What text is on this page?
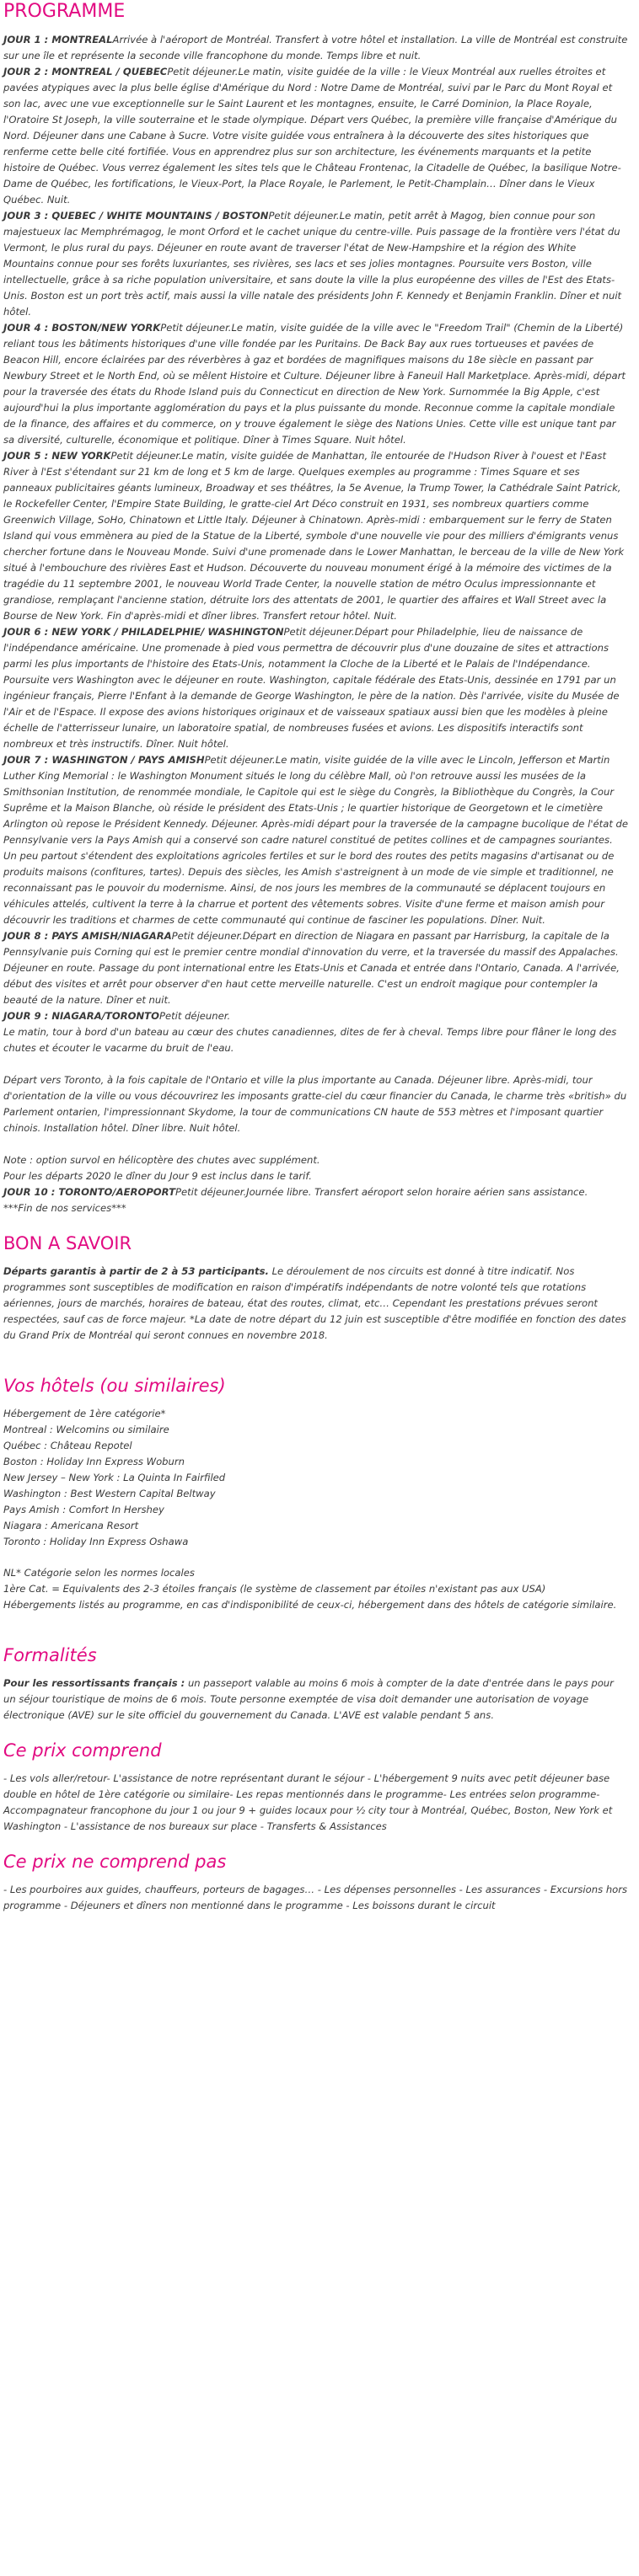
PROGRAMME

JOUR 1 : MONTREALArrivée à l'aéroport de Montréal. Transfert à votre hôtel et installation. La ville de Montréal est construite sur une île et représente la seconde ville francophone du monde. Temps libre et nuit.

JOUR 2 : MONTREAL / QUEBECPetit déjeuner.Le matin, visite guidée de la ville : le Vieux Montréal aux ruelles étroites et pavées atypiques avec la plus belle église d'Amérique du Nord : Notre Dame de Montréal, suivi par le Parc du Mont Royal et son lac, avec une vue exceptionnelle sur le Saint Laurent et les montagnes, ensuite, le Carré Dominion, la Place Royale, l'Oratoire St Joseph, la ville souterraine et le stade olympique. Départ vers Québec, la première ville française d'Amérique du Nord. Déjeuner dans une Cabane à Sucre. Votre visite guidée vous entraînera à la découverte des sites historiques que renferme cette belle cité fortifiée. Vous en apprendrez plus sur son architecture, les événements marquants et la petite histoire de Québec. Vous verrez également les sites tels que le Château Frontenac, la Citadelle de Québec, la basilique Notre-Dame de Québec, les fortifications, le Vieux-Port, la Place Royale, le Parlement, le Petit-Champlain… Dîner dans le Vieux Québec. Nuit.

JOUR 3 : QUEBEC / WHITE MOUNTAINS / BOSTONPetit déjeuner.Le matin, petit arrêt à Magog, bien connue pour son majestueux lac Memphrémagog, le mont Orford et le cachet unique du centre-ville. Puis passage de la frontière vers l'état du Vermont, le plus rural du pays. Déjeuner en route avant de traverser l'état de New-Hampshire et la région des White Mountains connue pour ses forêts luxuriantes, ses rivières, ses lacs et ses jolies montagnes. Poursuite vers Boston, ville intellectuelle, grâce à sa riche population universitaire, et sans doute la ville la plus européenne des villes de l'Est des Etats-Unis. Boston est un port très actif, mais aussi la ville natale des présidents John F. Kennedy et Benjamin Franklin. Dîner et nuit hôtel.

JOUR 4 : BOSTON/NEW YORKPetit déjeuner.Le matin, visite guidée de la ville avec le "Freedom Trail" (Chemin de la Liberté) reliant tous les bâtiments historiques d'une ville fondée par les Puritains. De Back Bay aux rues tortueuses et pavées de Beacon Hill, encore éclairées par des réverbères à gaz et bordées de magnifiques maisons du 18e siècle en passant par Newbury Street et le North End, où se mêlent Histoire et Culture. Déjeuner libre à Faneuil Hall Marketplace. Après-midi, départ pour la traversée des états du Rhode Island puis du Connecticut en direction de New York. Surnommée la Big Apple, c'est aujourd'hui la plus importante agglomération du pays et la plus puissante du monde. Reconnue comme la capitale mondiale de la finance, des affaires et du commerce, on y trouve également le siège des Nations Unies. Cette ville est unique tant par sa diversité, culturelle, économique et politique. Dîner à Times Square. Nuit hôtel.

JOUR 5 : NEW YORKPetit déjeuner.Le matin, visite guidée de Manhattan, île entourée de l'Hudson River à l'ouest et l'East River à l'Est s'étendant sur 21 km de long et 5 km de large. Quelques exemples au programme : Times Square et ses panneaux publicitaires géants lumineux, Broadway et ses théâtres, la 5e Avenue, la Trump Tower, la Cathédrale Saint Patrick, le Rockefeller Center, l'Empire State Building, le gratte-ciel Art Déco construit en 1931, ses nombreux quartiers comme Greenwich Village, SoHo, Chinatown et Little Italy. Déjeuner à Chinatown. Après-midi : embarquement sur le ferry de Staten Island qui vous emmènera au pied de la Statue de la Liberté, symbole d'une nouvelle vie pour des milliers d'émigrants venus chercher fortune dans le Nouveau Monde. Suivi d'une promenade dans le Lower Manhattan, le berceau de la ville de New York situé à l'embouchure des rivières East et Hudson. Découverte du nouveau monument érigé à la mémoire des victimes de la tragédie du 11 septembre 2001, le nouveau World Trade Center, la nouvelle station de métro Oculus impressionnante et grandiose, remplaçant l'ancienne station, détruite lors des attentats de 2001, le quartier des affaires et Wall Street avec la Bourse de New York. Fin d'après-midi et dîner libres. Transfert retour hôtel. Nuit.

JOUR 6 : NEW YORK / PHILADELPHIE/ WASHINGTONPetit déjeuner.Départ pour Philadelphie, lieu de naissance de l'indépendance américaine. Une promenade à pied vous permettra de découvrir plus d'une douzaine de sites et attractions parmi les plus importants de l'histoire des Etats-Unis, notamment la Cloche de la Liberté et le Palais de l'Indépendance. Poursuite vers Washington avec le déjeuner en route. Washington, capitale fédérale des Etats-Unis, dessinée en 1791 par un ingénieur français, Pierre l'Enfant à la demande de George Washington, le père de la nation. Dès l'arrivée, visite du Musée de l'Air et de l'Espace. Il expose des avions historiques originaux et de vaisseaux spatiaux aussi bien que les modèles à pleine échelle de l'atterrisseur lunaire, un laboratoire spatial, de nombreuses fusées et avions. Les dispositifs interactifs sont nombreux et très instructifs. Dîner. Nuit hôtel.

JOUR 7 : WASHINGTON / PAYS AMISHPetit déjeuner.Le matin, visite guidée de la ville avec le Lincoln, Jefferson et Martin Luther King Memorial : le Washington Monument situés le long du célèbre Mall, où l'on retrouve aussi les musées de la Smithsonian Institution, de renommée mondiale, le Capitole qui est le siège du Congrès, la Bibliothèque du Congrès, la Cour Suprême et la Maison Blanche, où réside le président des Etats-Unis ; le quartier historique de Georgetown et le cimetière Arlington où repose le Président Kennedy. Déjeuner. Après-midi départ pour la traversée de la campagne bucolique de l'état de Pennsylvanie vers la Pays Amish qui a conservé son cadre naturel constitué de petites collines et de campagnes souriantes. Un peu partout s'étendent des exploitations agricoles fertiles et sur le bord des routes des petits magasins d'artisanat ou de produits maisons (confitures, tartes). Depuis des siècles, les Amish s'astreignent à un mode de vie simple et traditionnel, ne reconnaissant pas le pouvoir du modernisme. Ainsi, de nos jours les membres de la communauté se déplacent toujours en véhicules attelés, cultivent la terre à la charrue et portent des vêtements sobres. Visite d'une ferme et maison amish pour découvrir les traditions et charmes de cette communauté qui continue de fasciner les populations. Dîner. Nuit.

JOUR 8 : PAYS AMISH/NIAGARAPetit déjeuner.Départ en direction de Niagara en passant par Harrisburg, la capitale de la Pennsylvanie puis Corning qui est le premier centre mondial d'innovation du verre, et la traversée du massif des Appalaches. Déjeuner en route. Passage du pont international entre les Etats-Unis et Canada et entrée dans l'Ontario, Canada. A l'arrivée, début des visites et arrêt pour observer d'en haut cette merveille naturelle. C'est un endroit magique pour contempler la beauté de la nature. Dîner et nuit.

JOUR 9 : NIAGARA/TORONTOPetit déjeuner.
Le matin, tour à bord d'un bateau au cœur des chutes canadiennes, dites de fer à cheval. Temps libre pour flâner le long des chutes et écouter le vacarme du bruit de l'eau.

Départ vers Toronto, à la fois capitale de l'Ontario et ville la plus importante au Canada. Déjeuner libre. Après-midi, tour d'orientation de la ville ou vous découvrirez les imposants gratte-ciel du cœur financier du Canada, le charme très «british» du Parlement ontarien, l'impressionnant Skydome, la tour de communications CN haute de 553 mètres et l'imposant quartier chinois. Installation hôtel. Dîner libre. Nuit hôtel.

Note : option survol en hélicoptère des chutes avec supplément.
Pour les départs 2020 le dîner du Jour 9 est inclus dans le tarif.

JOUR 10 : TORONTO/AEROPORTPetit déjeuner.Journée libre. Transfert aéroport selon horaire aérien sans assistance.
***Fin de nos services***

BON A SAVOIR

Départs garantis à partir de 2 à 53 participants. Le déroulement de nos circuits est donné à titre indicatif. Nos programmes sont susceptibles de modification en raison d'impératifs indépendants de notre volonté tels que rotations aériennes, jours de marchés, horaires de bateau, état des routes, climat, etc… Cependant les prestations prévues seront respectées, sauf cas de force majeur. *La date de notre départ du 12 juin est susceptible d'être modifiée en fonction des dates du Grand Prix de Montréal qui seront connues en novembre 2018.

Vos hôtels (ou similaires)
Hébergement de 1ère catégorie*
Montreal : Welcomins ou similaire
Québec : Château Repotel
Boston : Holiday Inn Express Woburn
New Jersey – New York : La Quinta In Fairfiled
Washington : Best Western Capital Beltway
Pays Amish : Comfort In Hershey
Niagara : Americana Resort
Toronto : Holiday Inn Express Oshawa
NL* Catégorie selon les normes locales
1ère Cat. = Equivalents des 2-3 étoiles français (le système de classement par étoiles n'existant pas aux USA)
Hébergements listés au programme, en cas d'indisponibilité de ceux-ci, hébergement dans des hôtels de catégorie similaire.
Formalités

Pour les ressortissants français : un passeport valable au moins 6 mois à compter de la date d'entrée dans le pays pour un séjour touristique de moins de 6 mois. Toute personne exemptée de visa doit demander une autorisation de voyage électronique (AVE) sur le site officiel du gouvernement du Canada. L'AVE est valable pendant 5 ans.

Ce prix comprend

- Les vols aller/retour- L'assistance de notre représentant durant le séjour - L'hébergement 9 nuits avec petit déjeuner base double en hôtel de 1ère catégorie ou similaire- Les repas mentionnés dans le programme- Les entrées selon programme- Accompagnateur francophone du jour 1 ou jour 9 + guides locaux pour ½ city tour à Montréal, Québec, Boston, New York et Washington - L'assistance de nos bureaux sur place - Transferts & Assistances

Ce prix ne comprend pas

- Les pourboires aux guides, chauffeurs, porteurs de bagages… - Les dépenses personnelles - Les assurances - Excursions hors programme - Déjeuners et dîners non mentionné dans le programme - Les boissons durant le circuit
